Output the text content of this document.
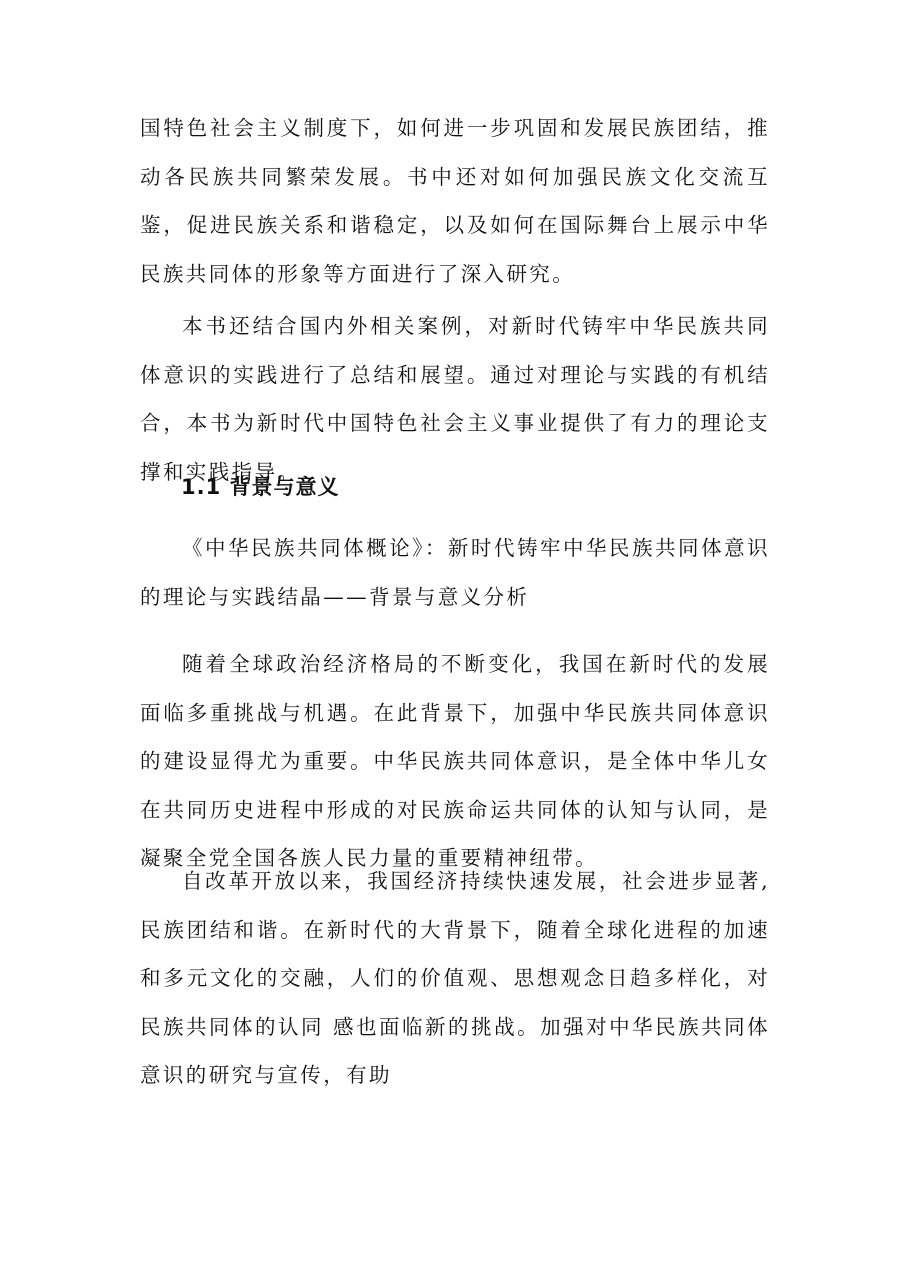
国特色社会主义制度下，如何进一步巩固和发展民族团结，推动各民族共同繁荣发展。书中还对如何加强民族文化交流互鉴，促进民族关系和谐稳定，以及如何在国际舞台上展示中华民族共同体的形象等方面进行了深入研究。

本书还结合国内外相关案例，对新时代铸牢中华民族共同体意识的实践进行了总结和展望。通过对理论与实践的有机结合，本书为新时代中国特色社会主义事业提供了有力的理论支撑和实践指导。

1.1 背景与意义

《中华民族共同体概论》：新时代铸牢中华民族共同体意识的理论与实践结晶——背景与意义分析

随着全球政治经济格局的不断变化，我国在新时代的发展面临多重挑战与机遇。在此背景下，加强中华民族共同体意识的建设显得尤为重要。中华民族共同体意识，是全体中华儿女在共同历史进程中形成的对民族命运共同体的认知与认同，是凝聚全党全国各族人民力量的重要精神纽带。

自改革开放以来，我国经济持续快速发展，社会进步显著,民族团结和谐。在新时代的大背景下，随着全球化进程的加速和多元文化的交融，人们的价值观、思想观念日趋多样化，对民族共同体的认同 感也面临新的挑战。加强对中华民族共同体意识的研究与宣传，有助
